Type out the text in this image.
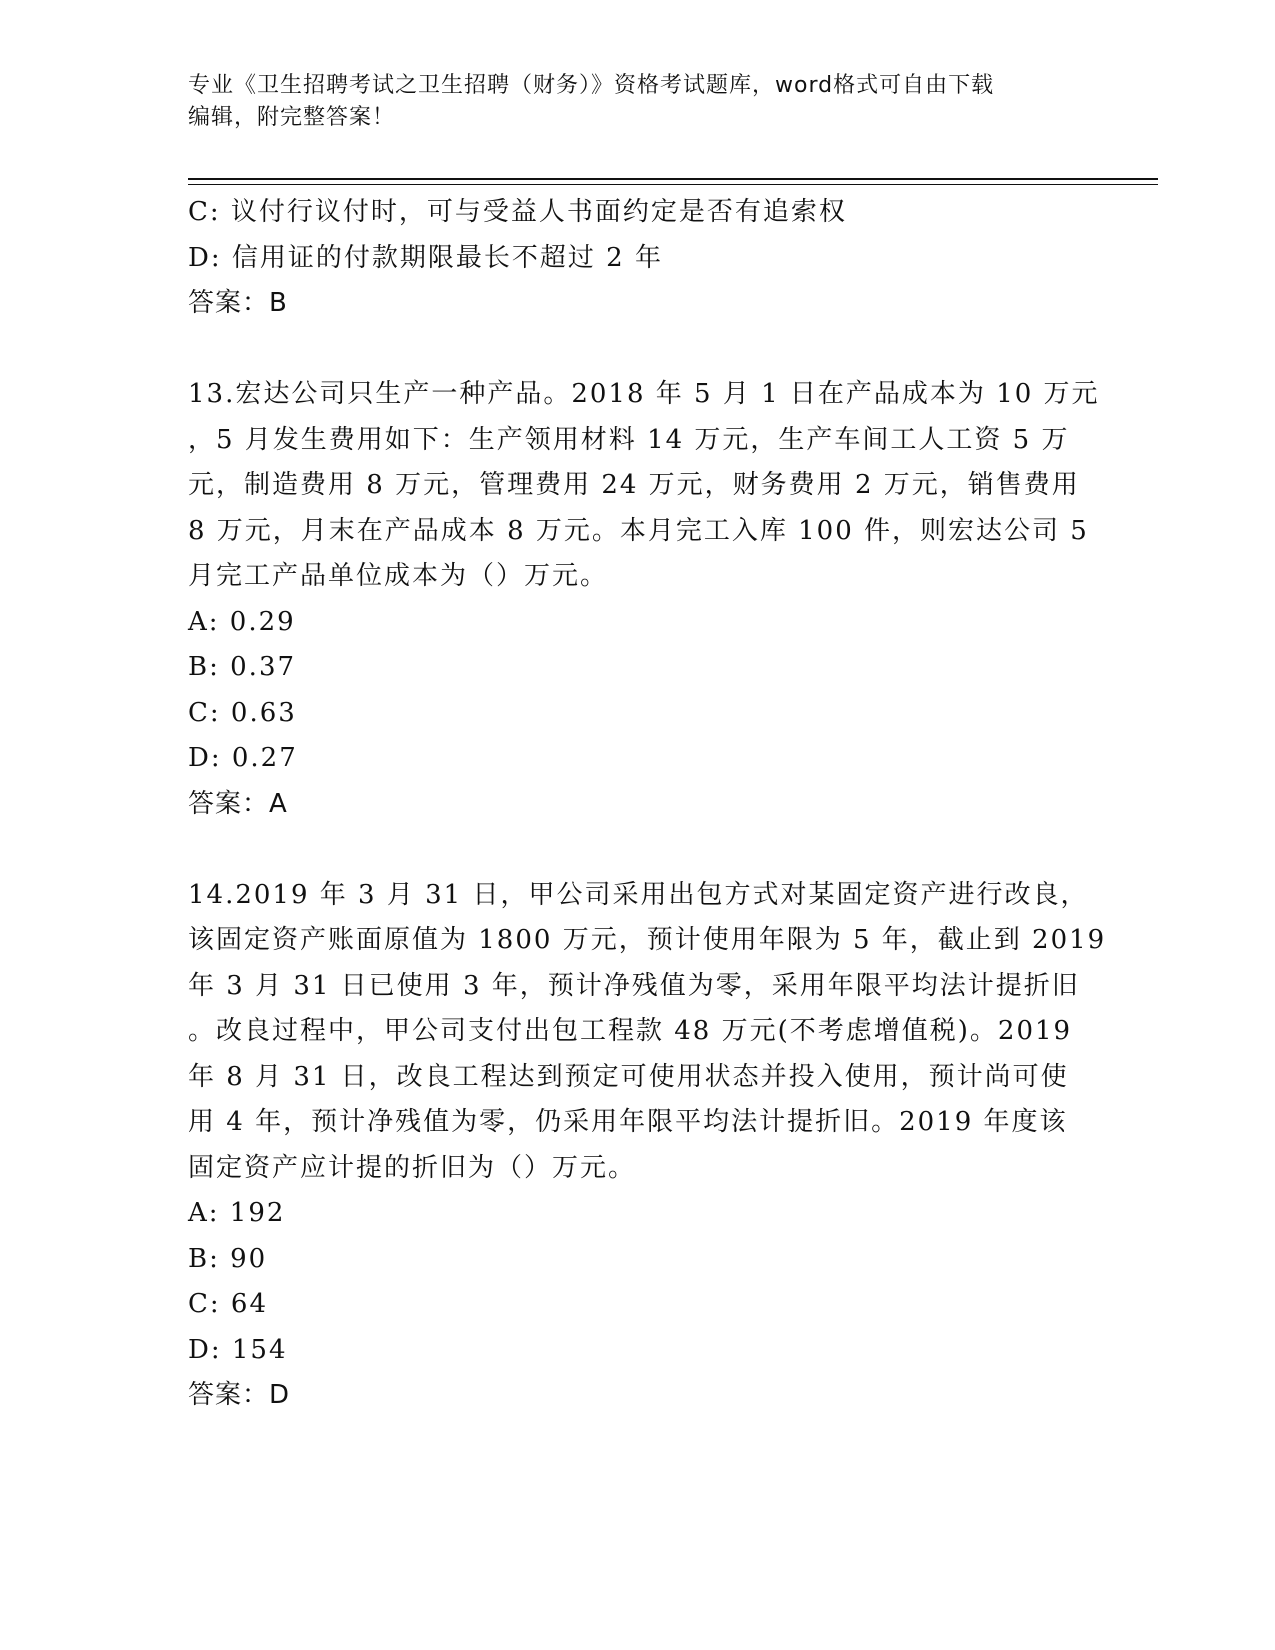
专业《卫生招聘考试之卫生招聘（财务）》资格考试题库，word格式可自由下载
编辑，附完整答案！
C: 议付行议付时，可与受益人书面约定是否有追索权
D: 信用证的付款期限最长不超过 2 年
答案：B
13.宏达公司只生产一种产品。2018 年 5 月 1 日在产品成本为 10 万元
，5 月发生费用如下：生产领用材料 14 万元，生产车间工人工资 5 万
元，制造费用 8 万元，管理费用 24 万元，财务费用 2 万元，销售费用
8 万元，月末在产品成本 8 万元。本月完工入库 100 件，则宏达公司 5
月完工产品单位成本为（）万元。
A: 0.29
B: 0.37
C: 0.63
D: 0.27
答案：A
14.2019 年 3 月 31 日，甲公司采用出包方式对某固定资产进行改良，
该固定资产账面原值为 1800 万元，预计使用年限为 5 年，截止到 2019
年 3 月 31 日已使用 3 年，预计净残值为零，采用年限平均法计提折旧
。改良过程中，甲公司支付出包工程款 48 万元(不考虑增值税)。2019
年 8 月 31 日，改良工程达到预定可使用状态并投入使用，预计尚可使
用 4 年，预计净残值为零，仍采用年限平均法计提折旧。2019 年度该
固定资产应计提的折旧为（）万元。
A: 192
B: 90
C: 64
D: 154
答案：D
